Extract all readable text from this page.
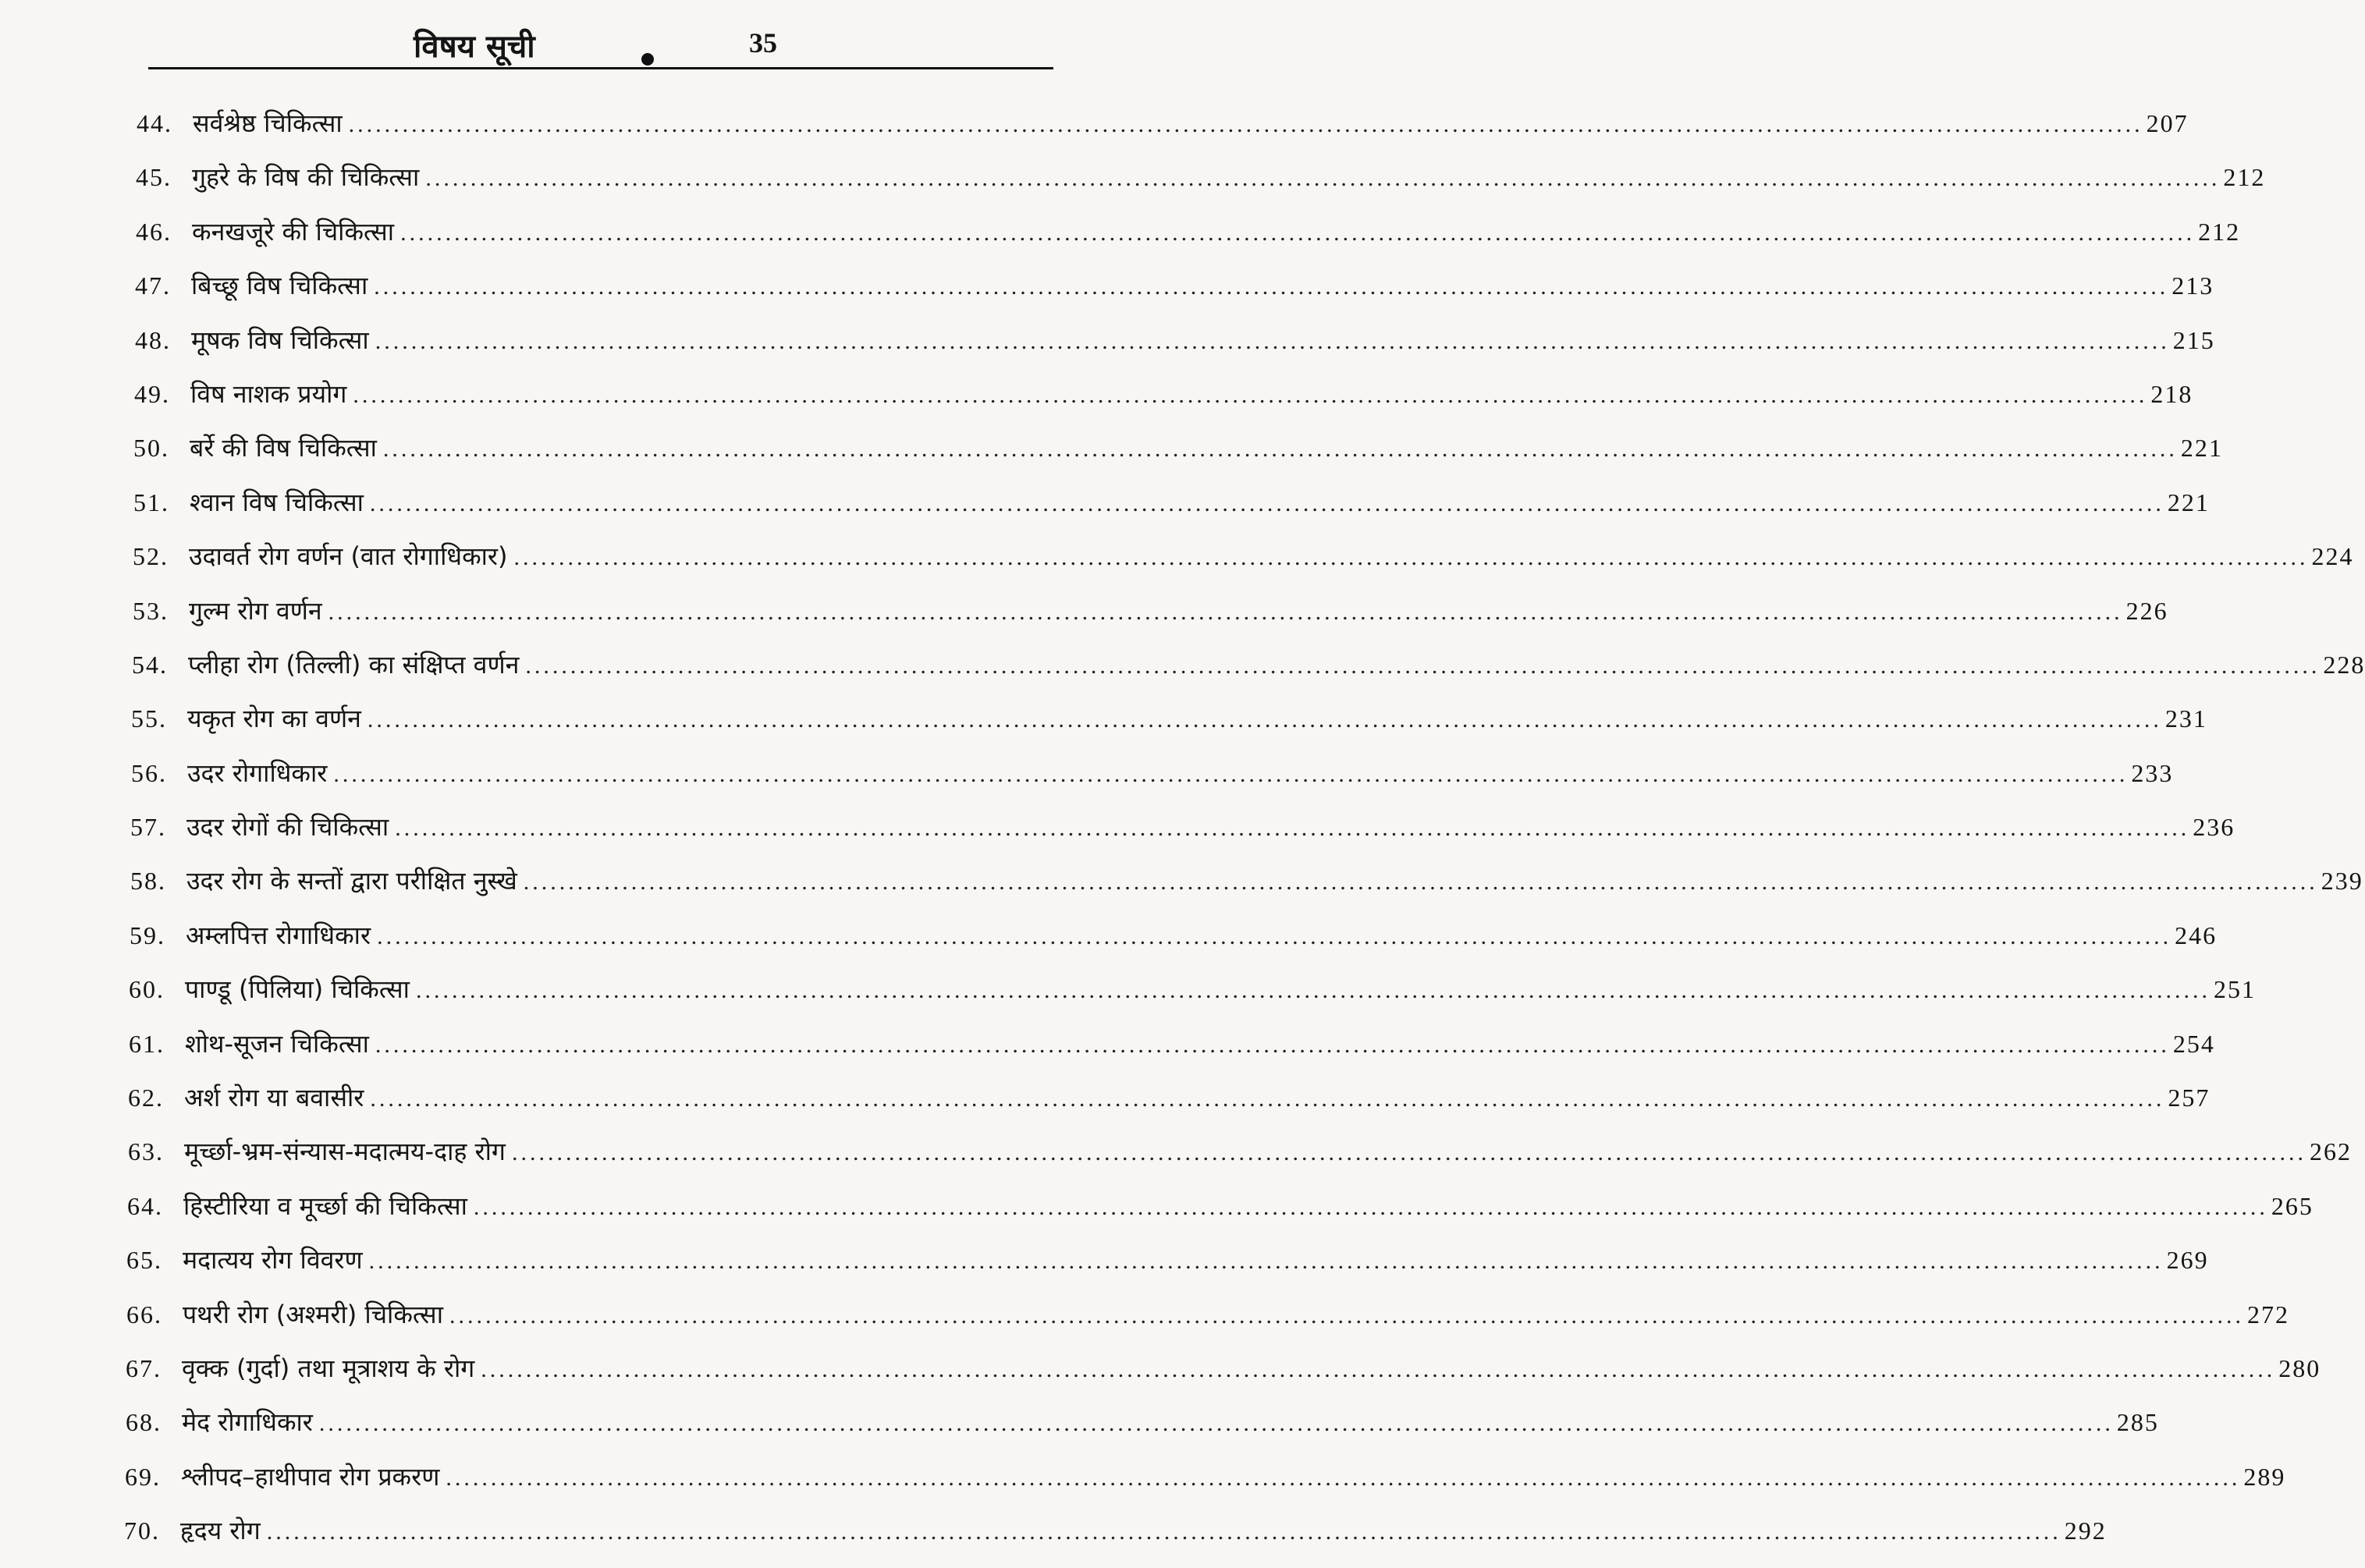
विषय सूची	35
44. सर्वश्रेष्ठ चिकित्सा ........................................................................................................................................................................................................ 207
45. गुहरे के विष की चिकित्सा ........................................................................................................................................................................................................ 212
46. कनखजूरे की चिकित्सा ........................................................................................................................................................................................................ 212
47. बिच्छू विष चिकित्सा ........................................................................................................................................................................................................ 213
48. मूषक विष चिकित्सा ........................................................................................................................................................................................................ 215
49. विष नाशक प्रयोग ........................................................................................................................................................................................................ 218
50. बर्रे की विष चिकित्सा ........................................................................................................................................................................................................ 221
51. श्वान विष चिकित्सा ........................................................................................................................................................................................................ 221
52. उदावर्त रोग वर्णन (वात रोगाधिकार) ........................................................................................................................................................................................................ 224
53. गुल्म रोग वर्णन ........................................................................................................................................................................................................ 226
54. प्लीहा रोग (तिल्ली) का संक्षिप्त वर्णन ........................................................................................................................................................................................................ 228
55. यकृत रोग का वर्णन ........................................................................................................................................................................................................ 231
56. उदर रोगाधिकार ........................................................................................................................................................................................................ 233
57. उदर रोगों की चिकित्सा ........................................................................................................................................................................................................ 236
58. उदर रोग के सन्तों द्वारा परीक्षित नुस्खे ........................................................................................................................................................................................................ 239
59. अम्लपित्त रोगाधिकार ........................................................................................................................................................................................................ 246
60. पाण्डू (पिलिया) चिकित्सा ........................................................................................................................................................................................................ 251
61. शोथ-सूजन चिकित्सा ........................................................................................................................................................................................................ 254
62. अर्श रोग या बवासीर ........................................................................................................................................................................................................ 257
63. मूर्च्छा-भ्रम-संन्यास-मदात्मय-दाह रोग ........................................................................................................................................................................................................ 262
64. हिस्टीरिया व मूर्च्छा की चिकित्सा ........................................................................................................................................................................................................ 265
65. मदात्यय रोग विवरण ........................................................................................................................................................................................................ 269
66. पथरी रोग (अश्मरी) चिकित्सा ........................................................................................................................................................................................................ 272
67. वृक्क (गुर्दा) तथा मूत्राशय के रोग ........................................................................................................................................................................................................ 280
68. मेद रोगाधिकार ........................................................................................................................................................................................................ 285
69. श्लीपद–हाथीपाव रोग प्रकरण ........................................................................................................................................................................................................ 289
70. हृदय रोग ........................................................................................................................................................................................................ 292
